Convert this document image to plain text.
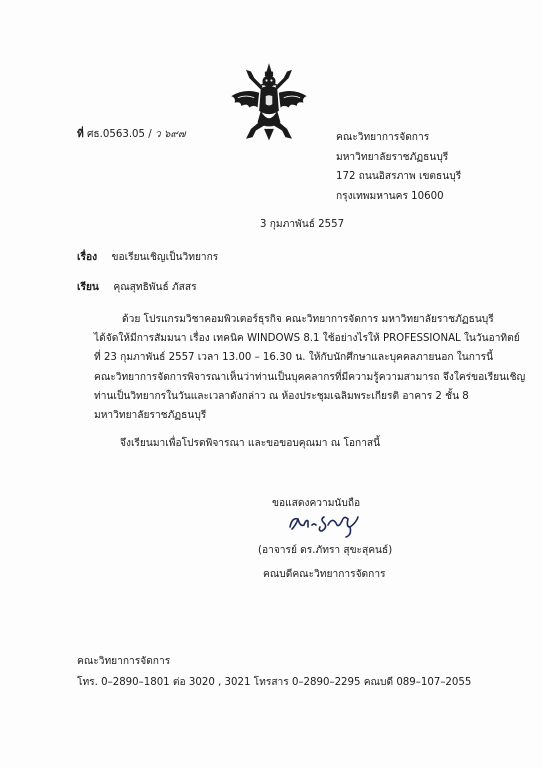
ที่ ศธ.0563.05 / ว ๖๙๗	คณะวิทยาการจัดการ
มหาวิทยาลัยราชภัฏธนบุรี
172 ถนนอิสรภาพ เขตธนบุรี
กรุงเทพมหานคร 10600
3 กุมภาพันธ์ 2557
เรื่อง ขอเรียนเชิญเป็นวิทยากร
เรียน คุณสุทธิพันธ์ ภัสสร
ด้วย โปรแกรมวิชาคอมพิวเตอร์ธุรกิจ คณะวิทยาการจัดการ มหาวิทยาลัยราชภัฏธนบุรี
ได้จัดให้มีการสัมมนา เรื่อง เทคนิค WINDOWS 8.1 ใช้อย่างไรให้ PROFESSIONAL ในวันอาทิตย์
ที่ 23 กุมภาพันธ์ 2557 เวลา 13.00 – 16.30 น. ให้กับนักศึกษาและบุคคลภายนอก ในการนี้
คณะวิทยาการจัดการพิจารณาเห็นว่าท่านเป็นบุคคลากรที่มีความรู้ความสามารถ จึงใคร่ขอเรียนเชิญ
ท่านเป็นวิทยากรในวันและเวลาดังกล่าว ณ ห้องประชุมเฉลิมพระเกียรติ อาคาร 2 ชั้น 8
มหาวิทยาลัยราชภัฏธนบุรี
จึงเรียนมาเพื่อโปรดพิจารณา และขอขอบคุณมา ณ โอกาสนี้
ขอแสดงความนับถือ
(อาจารย์ ดร.ภัทรา สุขะสุคนธ์)
คณบดีคณะวิทยาการจัดการ
คณะวิทยาการจัดการ
โทร. 0–2890–1801 ต่อ 3020 , 3021 โทรสาร 0–2890–2295 คณบดี 089–107–2055
